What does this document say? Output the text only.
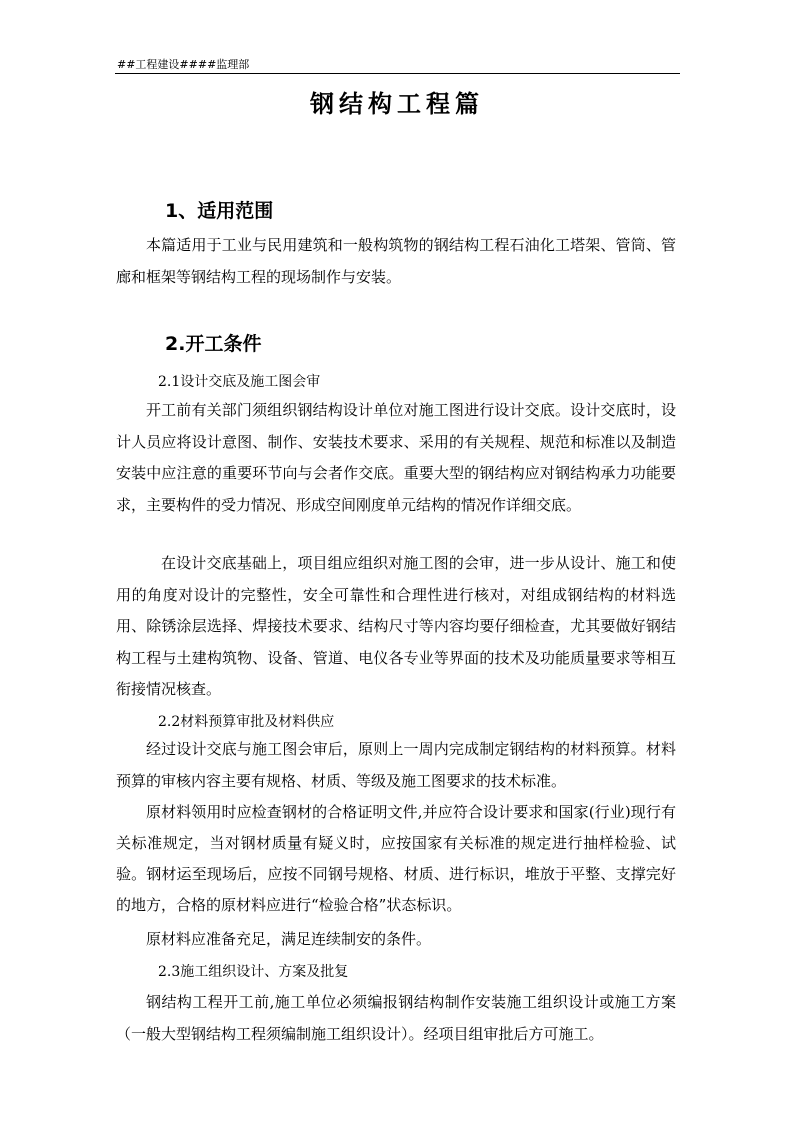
##工程建设####监理部
钢结构工程篇
1、适用范围
本篇适用于工业与民用建筑和一般构筑物的钢结构工程石油化工塔架、管筒、管廊和框架等钢结构工程的现场制作与安装。
2.开工条件
2.1设计交底及施工图会审
开工前有关部门须组织钢结构设计单位对施工图进行设计交底。设计交底时，设计人员应将设计意图、制作、安装技术要求、采用的有关规程、规范和标准以及制造安装中应注意的重要环节向与会者作交底。重要大型的钢结构应对钢结构承力功能要求，主要构件的受力情况、形成空间刚度单元结构的情况作详细交底。
在设计交底基础上，项目组应组织对施工图的会审，进一步从设计、施工和使用的角度对设计的完整性，安全可靠性和合理性进行核对，对组成钢结构的材料选用、除锈涂层选择、焊接技术要求、结构尺寸等内容均要仔细检查，尤其要做好钢结构工程与土建构筑物、设备、管道、电仪各专业等界面的技术及功能质量要求等相互衔接情况核查。
2.2材料预算审批及材料供应
经过设计交底与施工图会审后，原则上一周内完成制定钢结构的材料预算。材料预算的审核内容主要有规格、材质、等级及施工图要求的技术标准。
原材料领用时应检查钢材的合格证明文件,并应符合设计要求和国家(行业)现行有关标准规定，当对钢材质量有疑义时，应按国家有关标准的规定进行抽样检验、试验。钢材运至现场后，应按不同钢号规格、材质、进行标识，堆放于平整、支撑完好的地方，合格的原材料应进行“检验合格”状态标识。
原材料应准备充足，满足连续制安的条件。
2.3施工组织设计、方案及批复
钢结构工程开工前,施工单位必须编报钢结构制作安装施工组织设计或施工方案（一般大型钢结构工程须编制施工组织设计）。经项目组审批后方可施工。
